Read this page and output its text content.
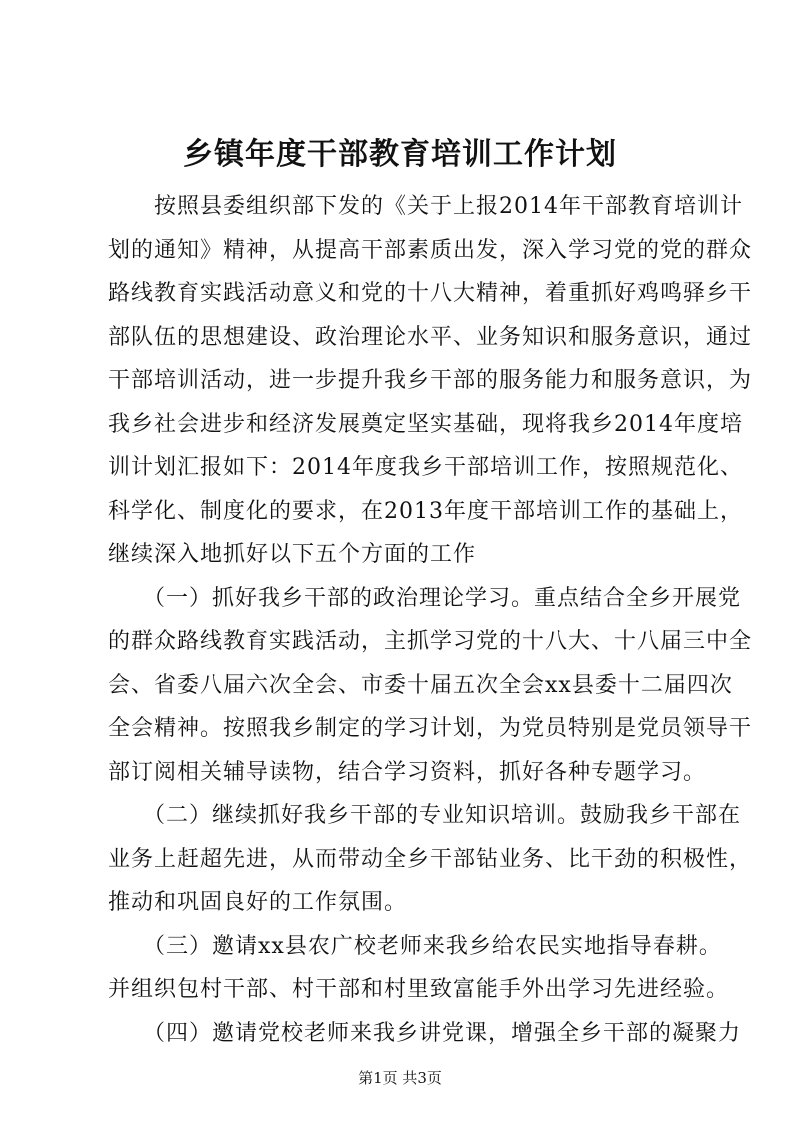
乡镇年度干部教育培训工作计划
　　按照县委组织部下发的《关于上报2014年干部教育培训计
划的通知》精神，从提高干部素质出发，深入学习党的党的群众
路线教育实践活动意义和党的十八大精神，着重抓好鸡鸣驿乡干
部队伍的思想建设、政治理论水平、业务知识和服务意识，通过
干部培训活动，进一步提升我乡干部的服务能力和服务意识，为
我乡社会进步和经济发展奠定坚实基础，现将我乡2014年度培
训计划汇报如下：2014年度我乡干部培训工作，按照规范化、
科学化、制度化的要求，在2013年度干部培训工作的基础上，
继续深入地抓好以下五个方面的工作
　　（一）抓好我乡干部的政治理论学习。重点结合全乡开展党
的群众路线教育实践活动，主抓学习党的十八大、十八届三中全
会、省委八届六次全会、市委十届五次全会xx县委十二届四次
全会精神。按照我乡制定的学习计划，为党员特别是党员领导干
部订阅相关辅导读物，结合学习资料，抓好各种专题学习。
　　（二）继续抓好我乡干部的专业知识培训。鼓励我乡干部在
业务上赶超先进，从而带动全乡干部钻业务、比干劲的积极性，
推动和巩固良好的工作氛围。
　　（三）邀请xx县农广校老师来我乡给农民实地指导春耕。
并组织包村干部、村干部和村里致富能手外出学习先进经验。
　　（四）邀请党校老师来我乡讲党课，增强全乡干部的凝聚力
第1页 共3页
